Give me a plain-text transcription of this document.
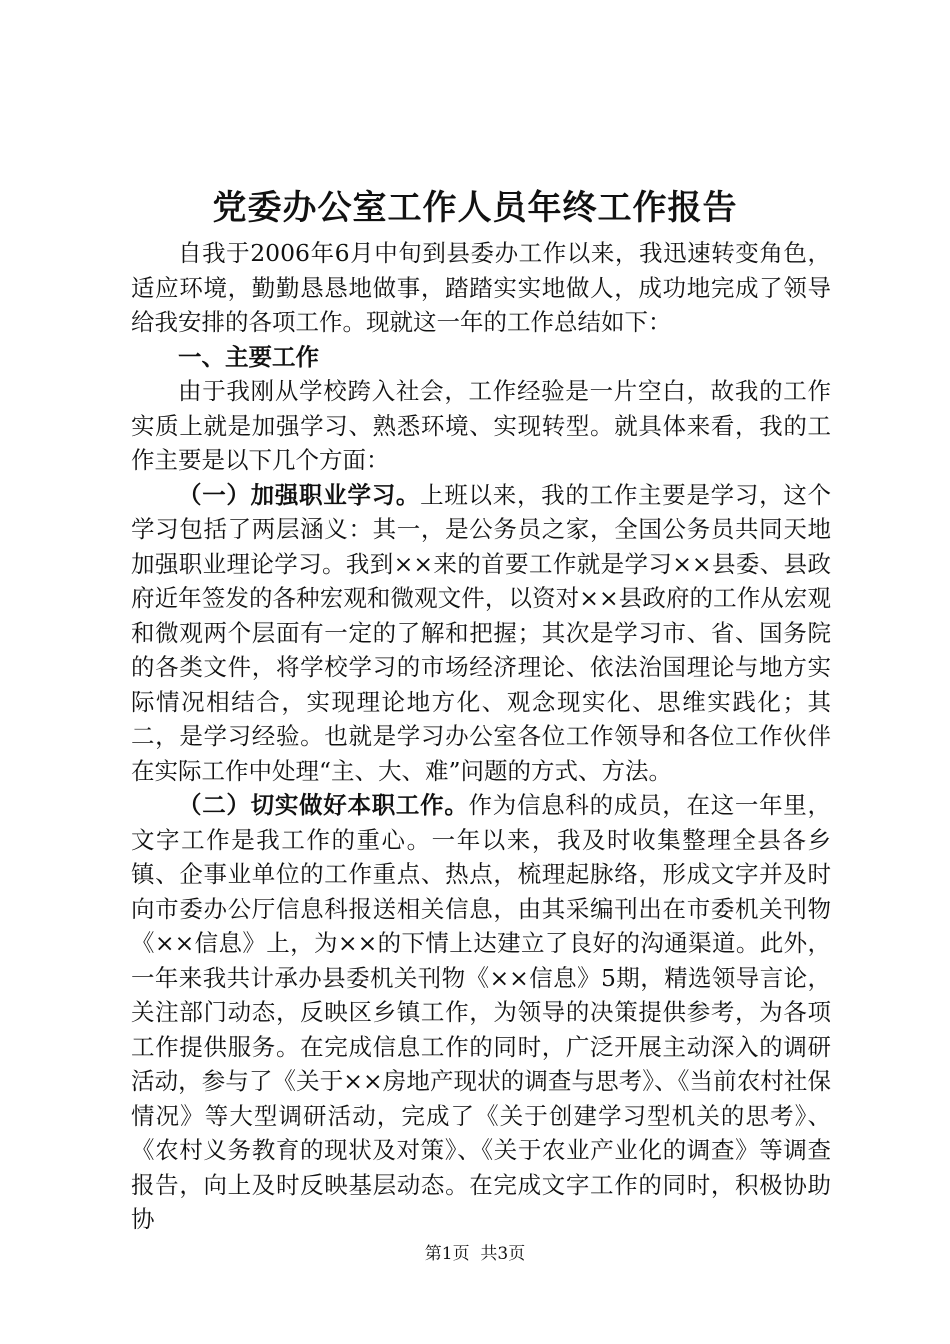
党委办公室工作人员年终工作报告

自我于2006年6月中旬到县委办工作以来，我迅速转变角色，适应环境，勤勤恳恳地做事，踏踏实实地做人，成功地完成了领导给我安排的各项工作。现就这一年的工作总结如下：

一、主要工作

由于我刚从学校跨入社会，工作经验是一片空白，故我的工作实质上就是加强学习、熟悉环境、实现转型。就具体来看，我的工作主要是以下几个方面：

（一）加强职业学习。上班以来，我的工作主要是学习，这个学习包括了两层涵义：其一，是公务员之家，全国公务员共同天地加强职业理论学习。我到××来的首要工作就是学习××县委、县政府近年签发的各种宏观和微观文件，以资对××县政府的工作从宏观和微观两个层面有一定的了解和把握；其次是学习市、省、国务院的各类文件，将学校学习的市场经济理论、依法治国理论与地方实际情况相结合，实现理论地方化、观念现实化、思维实践化；其二，是学习经验。也就是学习办公室各位工作领导和各位工作伙伴在实际工作中处理“主、大、难”问题的方式、方法。

（二）切实做好本职工作。作为信息科的成员，在这一年里，文字工作是我工作的重心。一年以来，我及时收集整理全县各乡镇、企事业单位的工作重点、热点，梳理起脉络，形成文字并及时向市委办公厅信息科报送相关信息，由其采编刊出在市委机关刊物《××信息》上，为××的下情上达建立了良好的沟通渠道。此外，一年来我共计承办县委机关刊物《××信息》5期，精选领导言论，关注部门动态，反映区乡镇工作，为领导的决策提供参考，为各项工作提供服务。在完成信息工作的同时，广泛开展主动深入的调研活动，参与了《关于××房地产现状的调查与思考》、《当前农村社保情况》等大型调研活动，完成了《关于创建学习型机关的思考》、《农村义务教育的现状及对策》、《关于农业产业化的调查》等调查报告，向上及时反映基层动态。在完成文字工作的同时，积极协助协

第1页 共3页
